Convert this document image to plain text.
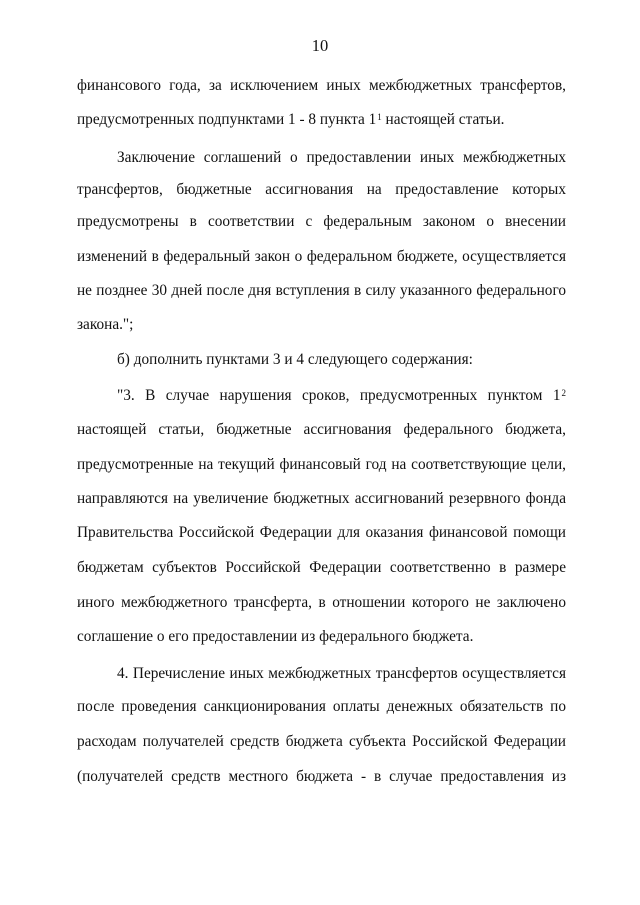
10
финансового года, за исключением иных межбюджетных трансфертов,
предусмотренных подпунктами 1 - 8 пункта $1^1$ настоящей статьи.
Заключение соглашений о предоставлении иных межбюджетных
трансфертов, бюджетные ассигнования на предоставление которых
предусмотрены в соответствии с федеральным законом о внесении
изменений в федеральный закон о федеральном бюджете, осуществляется
не позднее 30 дней после дня вступления в силу указанного федерального
закона.";
б) дополнить пунктами 3 и 4 следующего содержания:
"3. В случае нарушения сроков, предусмотренных пунктом $1^2$
настоящей статьи, бюджетные ассигнования федерального бюджета,
предусмотренные на текущий финансовый год на соответствующие цели,
направляются на увеличение бюджетных ассигнований резервного фонда
Правительства Российской Федерации для оказания финансовой помощи
бюджетам субъектов Российской Федерации соответственно в размере
иного межбюджетного трансферта, в отношении которого не заключено
соглашение о его предоставлении из федерального бюджета.
4. Перечисление иных межбюджетных трансфертов осуществляется
после проведения санкционирования оплаты денежных обязательств по
расходам получателей средств бюджета субъекта Российской Федерации
(получателей средств местного бюджета - в случае предоставления из
